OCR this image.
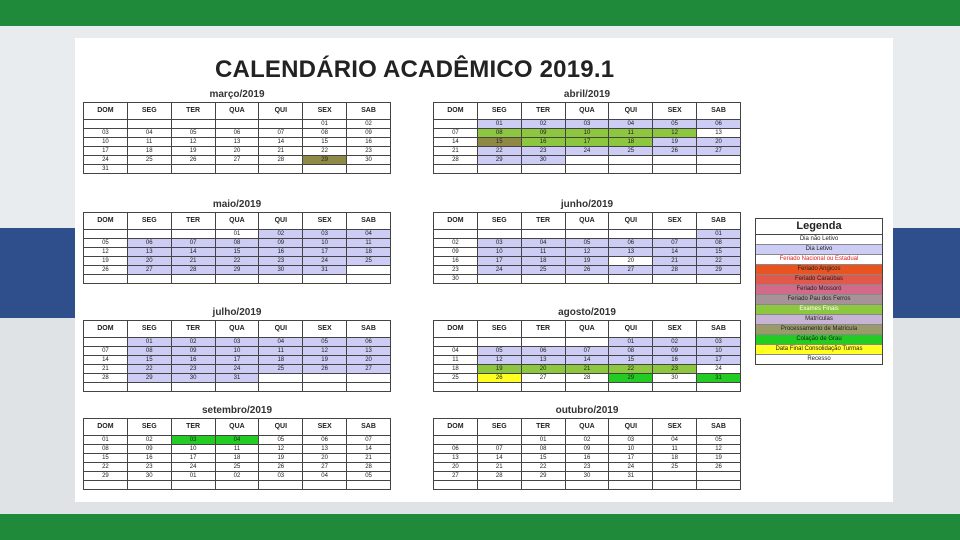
CALENDÁRIO ACADÊMICO 2019.1
março/2019
DOM	SEG	TER	QUA	QUI	SEX	SAB
					01	02
03	04	05	06	07	08	09
10	11	12	13	14	15	16
17	18	19	20	21	22	23
24	25	26	27	28	29	30
31						
abril/2019
DOM	SEG	TER	QUA	QUI	SEX	SAB
	01	02	03	04	05	06
07	08	09	10	11	12	13
14	15	16	17	18	19	20
21	22	23	24	25	26	27
28	29	30				

maio/2019
DOM	SEG	TER	QUA	QUI	SEX	SAB
			01	02	03	04
05	06	07	08	09	10	11
12	13	14	15	16	17	18
19	20	21	22	23	24	25
26	27	28	29	30	31	

junho/2019
DOM	SEG	TER	QUA	QUI	SEX	SAB
						01
02	03	04	05	06	07	08
09	10	11	12	13	14	15
16	17	18	19	20	21	22
23	24	25	26	27	28	29
30						
julho/2019
DOM	SEG	TER	QUA	QUI	SEX	SAB
	01	02	03	04	05	06
07	08	09	10	11	12	13
14	15	16	17	18	19	20
21	22	23	24	25	26	27
28	29	30	31			

agosto/2019
DOM	SEG	TER	QUA	QUI	SEX	SAB
				01	02	03
04	05	06	07	08	09	10
11	12	13	14	15	16	17
18	19	20	21	22	23	24
25	26	27	28	29	30	31

setembro/2019
DOM	SEG	TER	QUA	QUI	SEX	SAB
01	02	03	04	05	06	07
08	09	10	11	12	13	14
15	16	17	18	19	20	21
22	23	24	25	26	27	28
29	30	01	02	03	04	05

outubro/2019
DOM	SEG	TER	QUA	QUI	SEX	SAB
		01	02	03	04	05
06	07	08	09	10	11	12
13	14	15	16	17	18	19
20	21	22	23	24	25	26
27	28	29	30	31		

Legenda
Dia não Letivo
Dia Letivo
Feriado Nacional ou Estadual
Feriado Angicos
Feriado Caraúbas
Feriado Mossoró
Feriado Pau dos Ferros
Exames Finais
Matrículas
Processamento de Matrícula
Colação de Grau
Data Final Consolidação Turmas
Recesso
